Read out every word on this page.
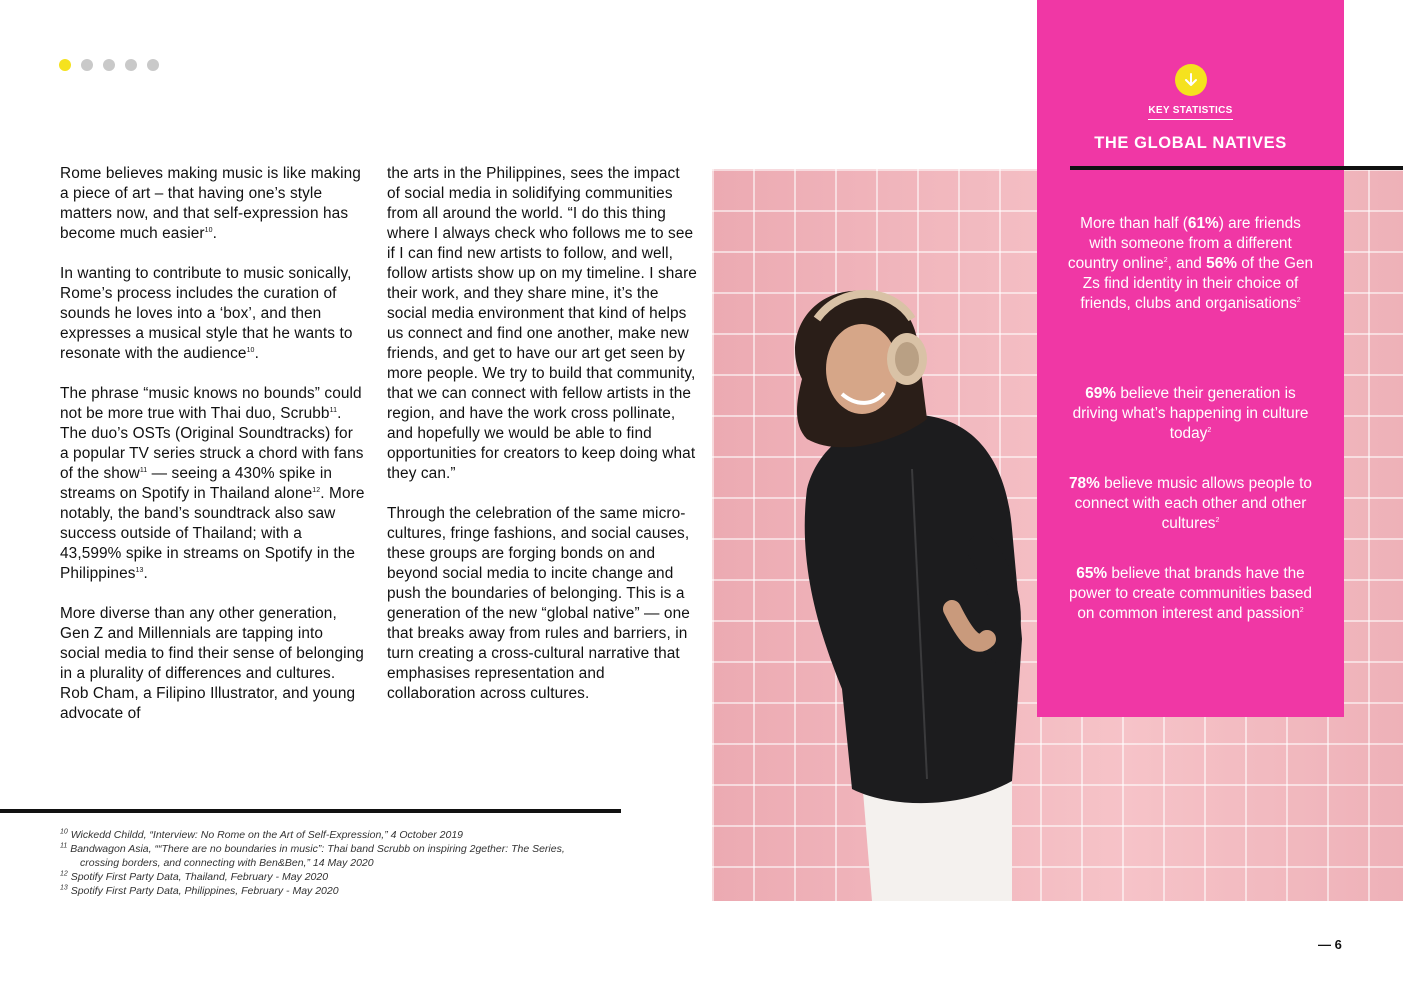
Rome believes making music is like making a piece of art – that having one’s style matters now, and that self-expression has become much easier$^{10}$.

In wanting to contribute to music sonically, Rome’s process includes the curation of sounds he loves into a ‘box’, and then expresses a musical style that he wants to resonate with the audience$^{10}$.

The phrase “music knows no bounds” could not be more true with Thai duo, Scrubb$^{11}$. The duo’s OSTs (Original Soundtracks) for a popular TV series struck a chord with fans of the show$^{11}$ — seeing a 430% spike in streams on Spotify in Thailand alone$^{12}$. More notably, the band’s soundtrack also saw success outside of Thailand; with a 43,599% spike in streams on Spotify in the Philippines$^{13}$.

More diverse than any other generation, Gen Z and Millennials are tapping into social media to find their sense of belonging in a plurality of differences and cultures. Rob Cham, a Filipino Illustrator, and young advocate of

the arts in the Philippines, sees the impact of social media in solidifying communities from all around the world. “I do this thing where I always check who follows me to see if I can find new artists to follow, and well, follow artists show up on my timeline. I share their work, and they share mine, it’s the social media environment that kind of helps us connect and find one another, make new friends, and get to have our art get seen by more people. We try to build that community, that we can connect with fellow artists in the region, and have the work cross pollinate, and hopefully we would be able to find opportunities for creators to keep doing what they can.”

Through the celebration of the same micro-cultures, fringe fashions, and social causes, these groups are forging bonds on and beyond social media to incite change and push the boundaries of belonging. This is a generation of the new “global native” — one that breaks away from rules and barriers, in turn creating a cross-cultural narrative that emphasises representation and collaboration across cultures.

$^{10}$ Wickedd Childd, “Interview: No Rome on the Art of Self-Expression,” 4 October 2019
$^{11}$ Bandwagon Asia, ““There are no boundaries in music”: Thai band Scrubb on inspiring 2gether: The Series,
crossing borders, and connecting with Ben&Ben,” 14 May 2020
$^{12}$ Spotify First Party Data, Thailand, February - May 2020
$^{13}$ Spotify First Party Data, Philippines, February - May 2020
KEY STATISTICS
THE GLOBAL NATIVES
More than half (61%) are friends with someone from a different country online$^2$, and 56% of the Gen Zs find identity in their choice of friends, clubs and organisations$^2$
69% believe their generation is driving what’s happening in culture today$^2$
78% believe music allows people to connect with each other and other cultures$^2$
65% believe that brands have the power to create communities based on common interest and passion$^2$
— 6
